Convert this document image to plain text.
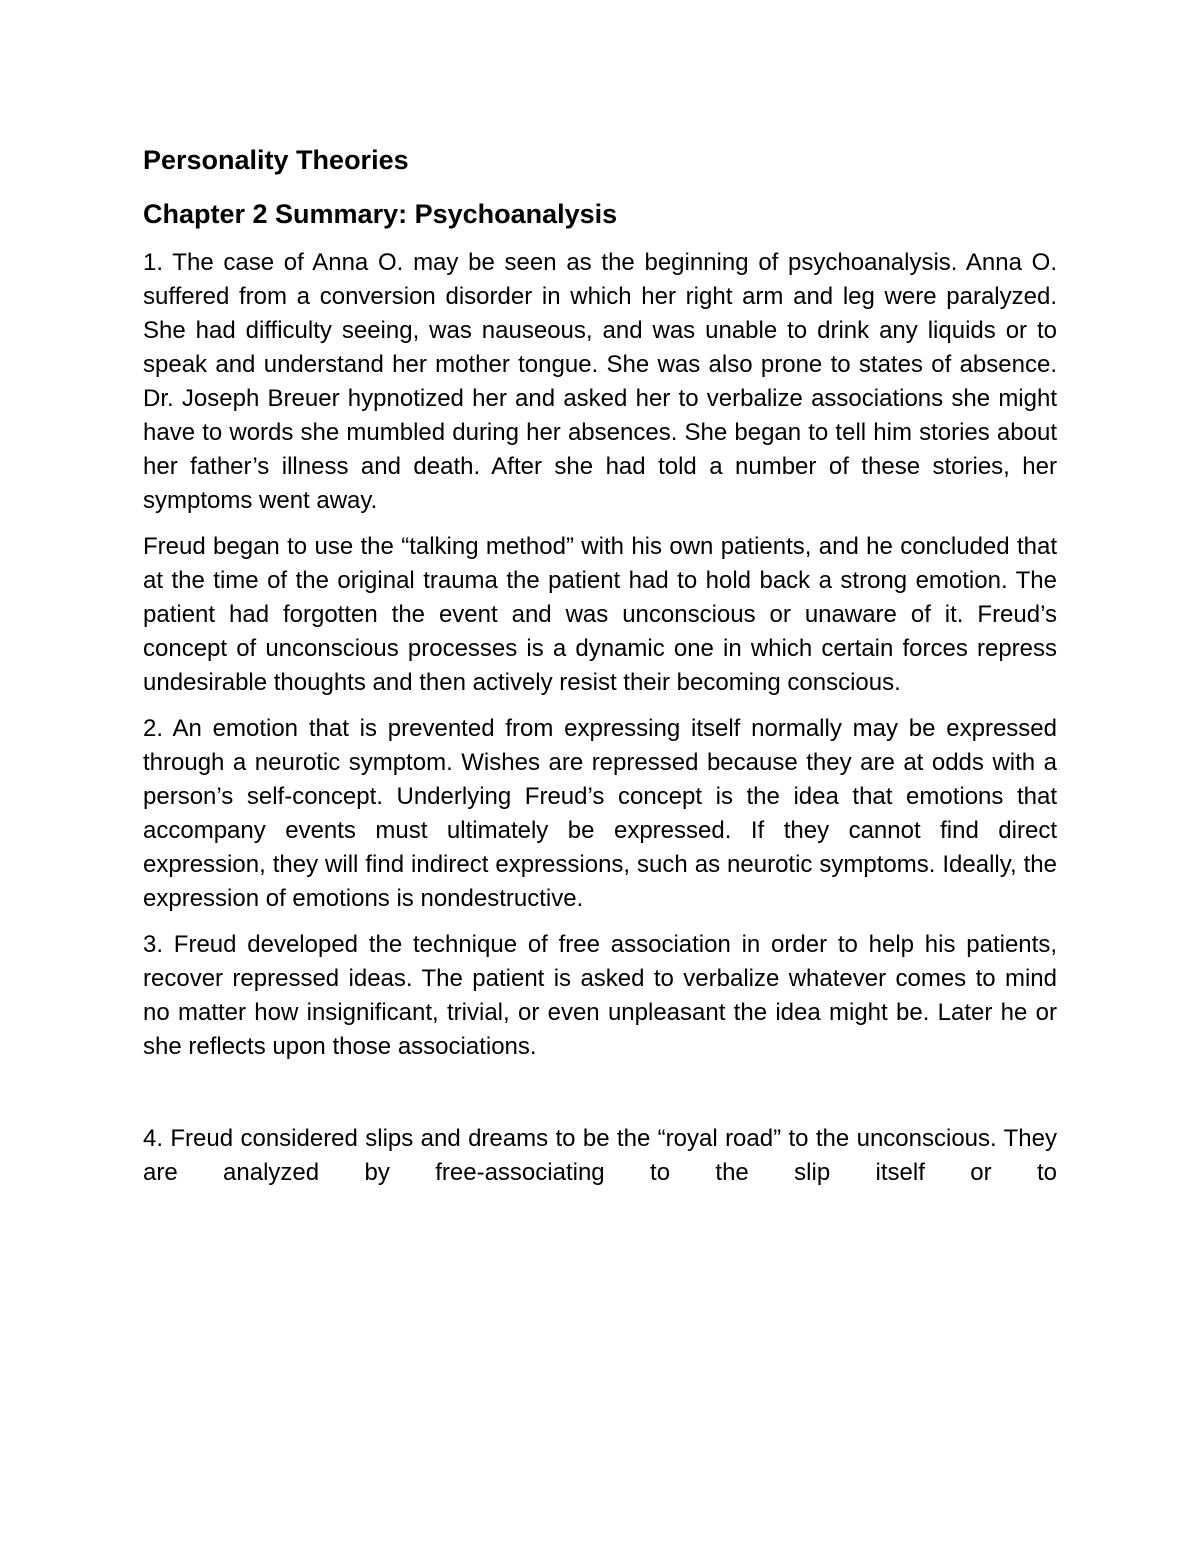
Personality Theories
Chapter 2 Summary: Psychoanalysis

1. The case of Anna O. may be seen as the beginning of psychoanalysis. Anna O. suffered from a conversion disorder in which her right arm and leg were paralyzed. She had difficulty seeing, was nauseous, and was unable to drink any liquids or to speak and understand her mother tongue. She was also prone to states of absence. Dr. Joseph Breuer hypnotized her and asked her to verbalize associations she might have to words she mumbled during her absences. She began to tell him stories about her father’s illness and death. After she had told a number of these stories, her symptoms went away.

Freud began to use the “talking method” with his own patients, and he concluded that at the time of the original trauma the patient had to hold back a strong emotion. The patient had forgotten the event and was unconscious or unaware of it. Freud’s concept of unconscious processes is a dynamic one in which certain forces repress undesirable thoughts and then actively resist their becoming conscious.

2. An emotion that is prevented from expressing itself normally may be expressed through a neurotic symptom. Wishes are repressed because they are at odds with a person’s self-concept. Underlying Freud’s concept is the idea that emotions that accompany events must ultimately be expressed. If they cannot find direct expression, they will find indirect expressions, such as neurotic symptoms. Ideally, the expression of emotions is nondestructive.

3. Freud developed the technique of free association in order to help his patients, recover repressed ideas. The patient is asked to verbalize whatever comes to mind no matter how insignificant, trivial, or even unpleasant the idea might be. Later he or she reflects upon those associations.

4. Freud considered slips and dreams to be the “royal road” to the unconscious. They are analyzed by free-associating to the slip itself or to
